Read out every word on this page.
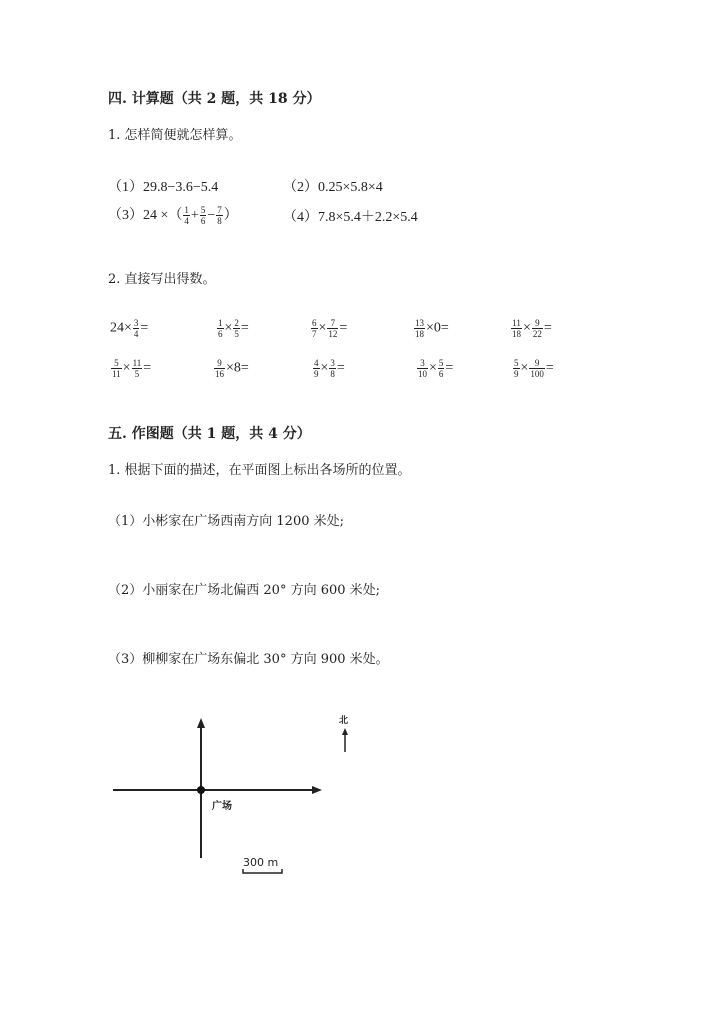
四. 计算题（共 2 题，共 18 分）
1. 怎样简便就怎样算。
（1）29.8−3.6−5.4	（2）0.25×5.8×4
（3）24 ×（ $\frac{1}{4} + \frac{5}{6} - \frac{7}{8}$ ）	（4）7.8×5.4＋2.2×5.4
2. 直接写出得数。
$24\times \frac{3}{4}$ =	$\frac{1}{6} \times \frac{2}{5}$ =	$\frac{6}{7} \times \frac{7}{12}$ =	$\frac{13}{18} \times 0=$	$\frac{11}{18} \times \frac{9}{22}$ =
$\frac{5}{11} \times \frac{11}{5}$ =	$\frac{9}{16} \times 8=$	$\frac{4}{9} \times \frac{3}{8}$ =	$\frac{3}{10} \times \frac{5}{6}$ =	$\frac{5}{9} \times \frac{9}{100}$ =
五. 作图题（共 1 题，共 4 分）
1. 根据下面的描述，在平面图上标出各场所的位置。
（1）小彬家在广场西南方向 1200 米处;
（2）小丽家在广场北偏西 20° 方向 600 米处;
（3）柳柳家在广场东偏北 30° 方向 900 米处。
广场
北
300 m
